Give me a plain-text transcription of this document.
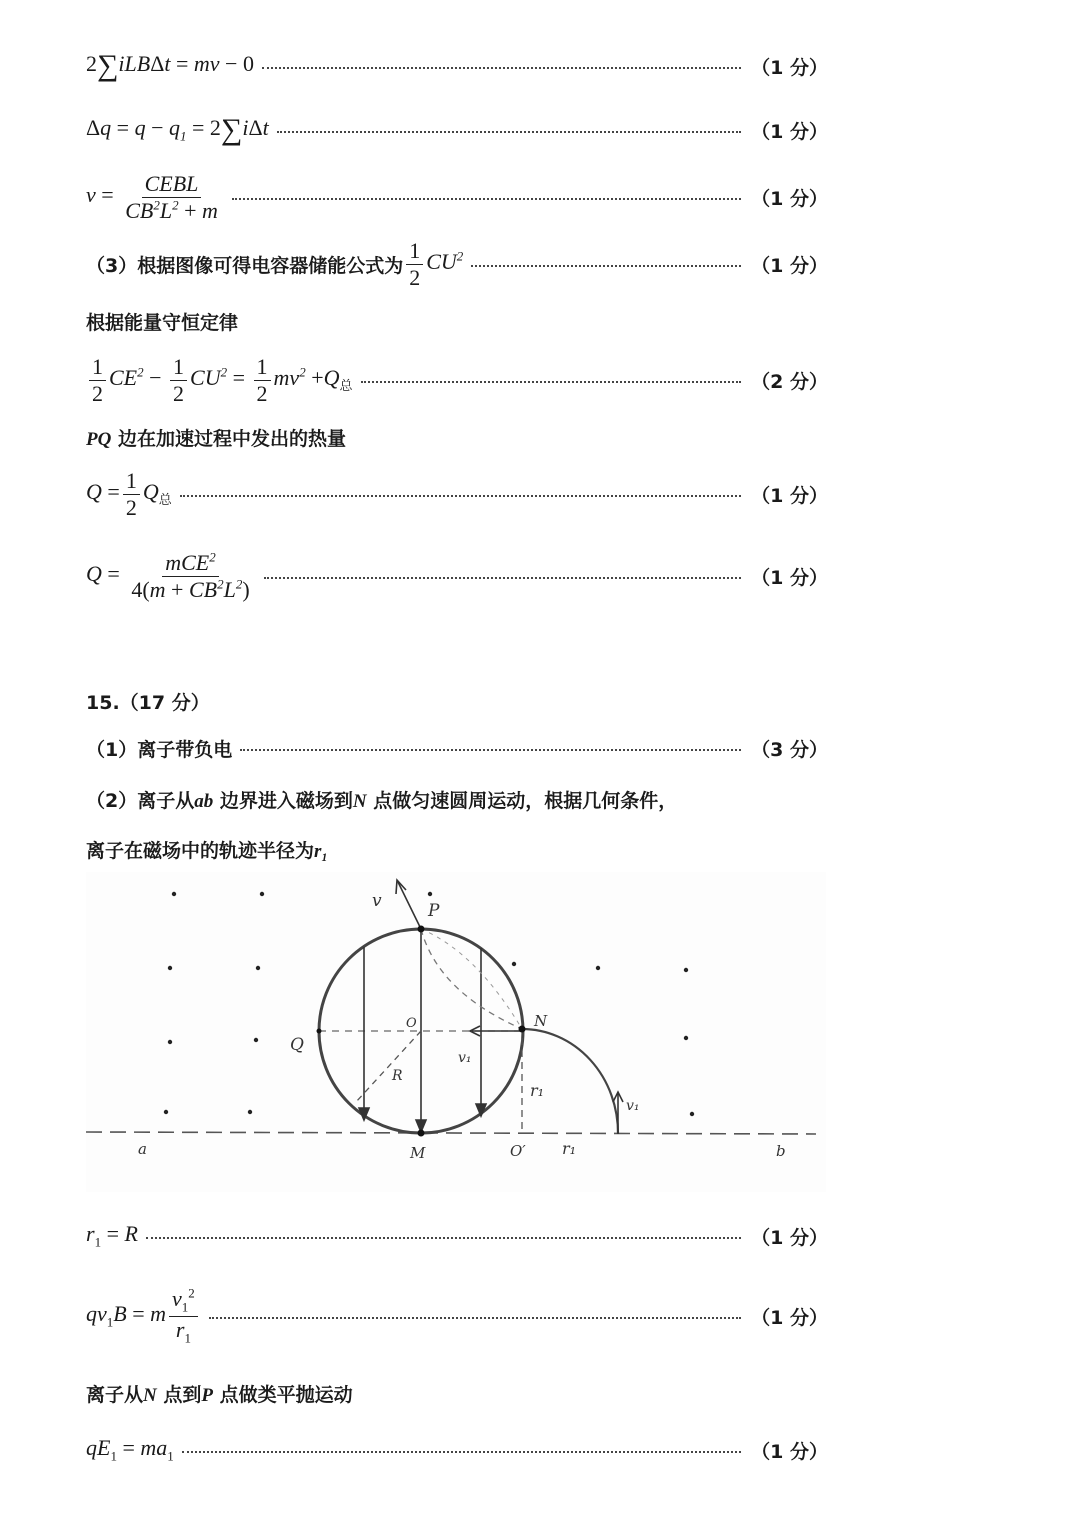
2∑iLBΔt = mv − 0	（1 分）
$\Delta q = q - q_1 = 2\sum i\Delta t$	（1 分）
$v = \frac{\text{CEBL}}{CB^2L^2 + m}$	（1 分）
（3）根据图像可得电容器储能公式为 $\frac{1}{2} CU^2$	（1 分）
根据能量守恒定律
$\frac{1}{2} CE^2 - \frac{1}{2} CU^2 = \frac{1}{2} mv^2 +Q_总$	（2 分）
PQ 边在加速过程中发出的热量
$Q = \frac{1}{2} Q_总$	（1 分）
$Q = \frac{mCE^2}{4(m + CB^2L^2)}$	（1 分）
15.（17 分）
（1）离子带负电	（3 分）
（2）离子从ab 边界进入磁场到N 点做匀速圆周运动，根据几何条件，
离子在磁场中的轨迹半径为r₁
v	P
O
Q
N
R
v₁
r₁
v₁
a	M	O′ r₁	b
$r_1 = R$	（1 分）
$qv_1B = m \frac{v_1^2}{r_1}$	（1 分）
离子从N 点到P 点做类平抛运动
$qE_1 = ma_1$	（1 分）
